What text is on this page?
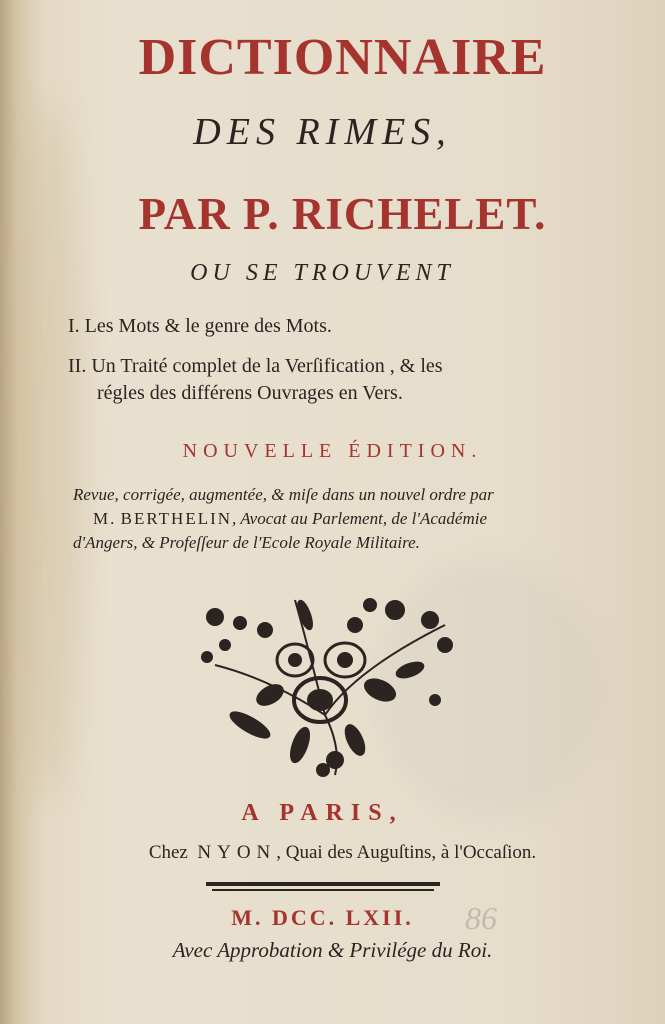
DICTIONNAIRE
DES RIMES,
PAR P. RICHELET.
OU SE TROUVENT
I. Les Mots & le genre des Mots.
II. Un Traité complet de la Verſification , & les
régles des différens Ouvrages en Vers.
NOUVELLE ÉDITION.
Revue, corrigée, augmentée, & miſe dans un nouvel ordre par
M. BERTHELIN, Avocat au Parlement, de l'Académie
d'Angers, & Profeſſeur de l'Ecole Royale Militaire.
A PARIS,
Chez NYON, Quai des Auguſtins, à l'Occaſion.
M. DCC. LXII.	86
Avec Approbation & Privilége du Roi.
